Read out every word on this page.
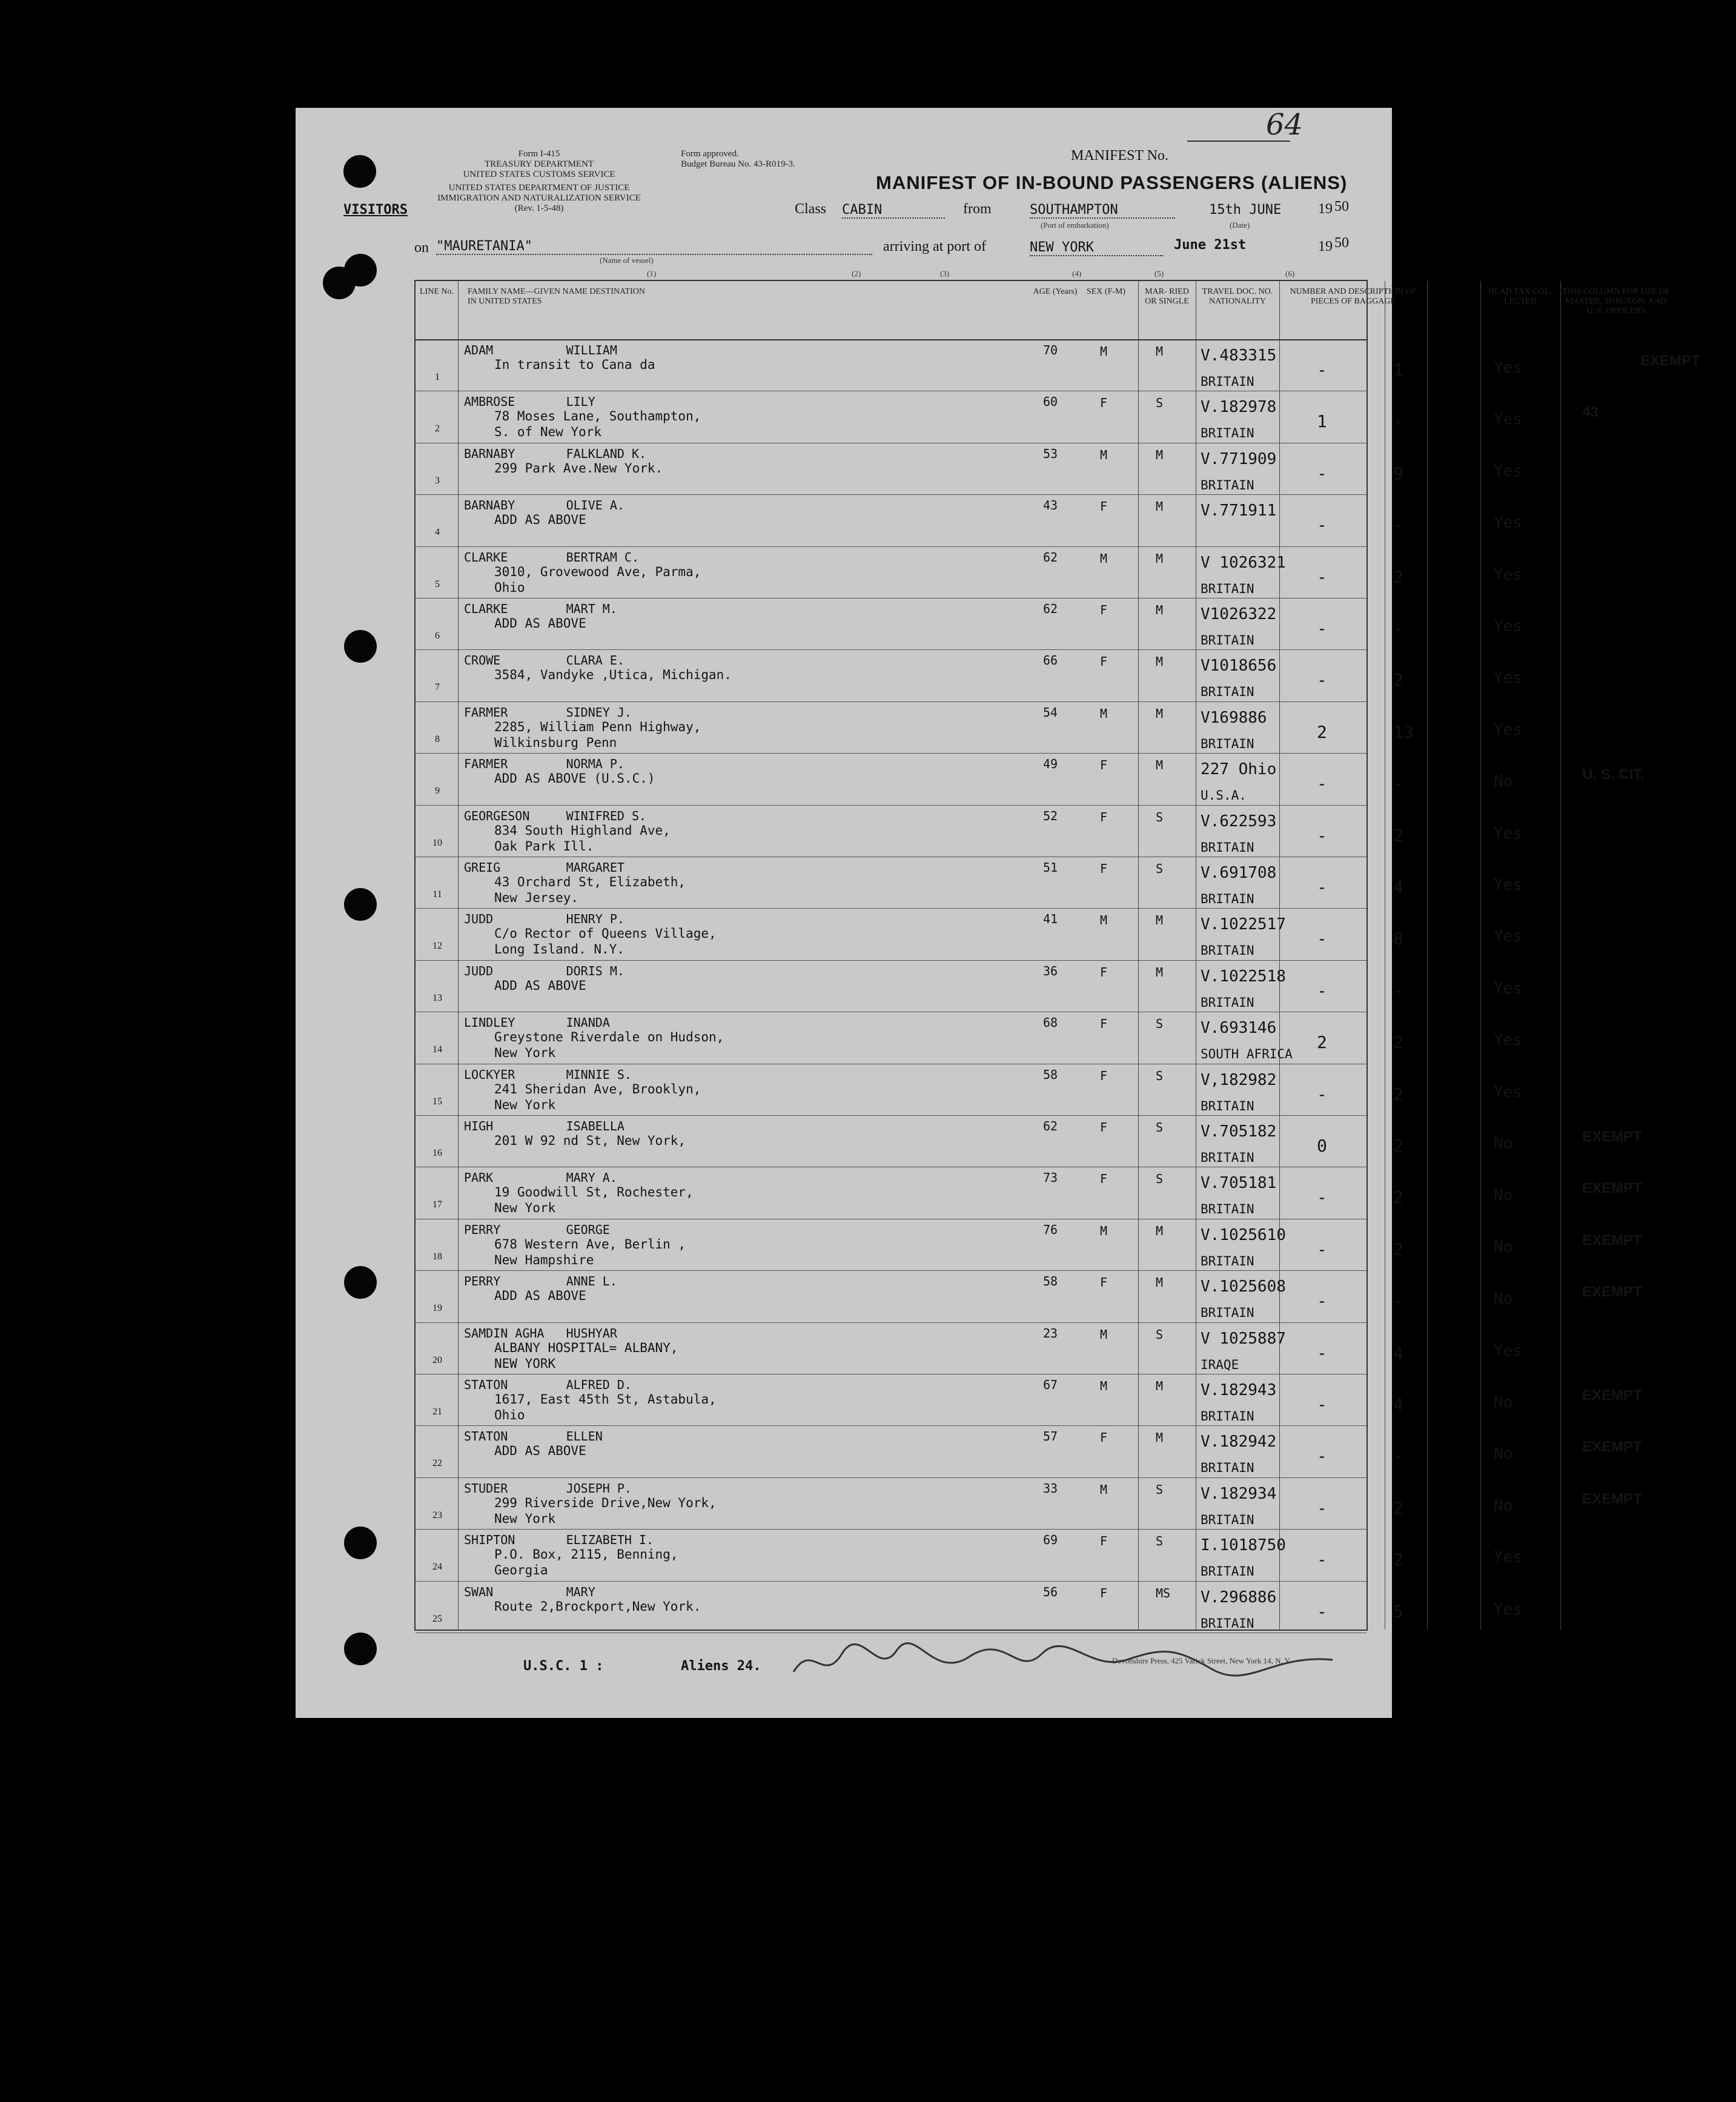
Form I-415
TREASURY DEPARTMENT
UNITED STATES CUSTOMS SERVICE
UNITED STATES DEPARTMENT OF JUSTICE
IMMIGRATION AND NATURALIZATION SERVICE
(Rev. 1-5-48)
Form approved.
Budget Bureau No. 43-R019-3.
MANIFEST No.
64
MANIFEST OF IN-BOUND PASSENGERS (ALIENS)
VISITORS	Class CABIN	from	SOUTHAMPTON
(Port of embarkation)
15th JUNE	19 50
(Date)
on "MAURETANIA"
(Name of vessel)
arriving at port of	NEW YORK	June 21st	19 50
(1)	(2)	(3)	(4)	(5)	(6)
LINE No.	FAMILY NAME—GIVEN NAME DESTINATION IN UNITED STATES
AGE (Years)	SEX (F-M)	MAR- RIED OR SINGLE
TRAVEL DOC. NO. NATIONALITY
NUMBER AND DESCRIPTION OF PIECES OF BAGGAGE
HEAD TAX COL- LECTED
THIS COLUMN FOR USE OF MASTER, SURGEON, AND U. S. OFFICERS
1
ADAM          WILLIAM
In transit to Cana da
70	M	M V.483315
BRITAIN
-	1	Yes	EXEMPT
2
AMBROSE       LILY
78 Moses Lane, Southampton,
S. of New York
60	F	S V.182978
BRITAIN
1	-	Yes	43
3
BARNABY       FALKLAND K.
299 Park Ave.New York.
53	M	M V.771909
BRITAIN
-	9	Yes
4
BARNABY       OLIVE A.
ADD AS ABOVE
43	F	M V.771911
-	-	Yes
5
CLARKE        BERTRAM C.
3010, Grovewood Ave, Parma,
Ohio
62	M	M V 1026321
BRITAIN
-	2	Yes
6
CLARKE        MART M.
ADD AS ABOVE
62	F	M V1026322
BRITAIN
-	-	Yes
7
CROWE         CLARA E.
3584, Vandyke ,Utica, Michigan.
66	F	M V1018656
BRITAIN
-	2	Yes
8
FARMER        SIDNEY J.
2285, William Penn Highway,
Wilkinsburg Penn
54	M	M V169886
BRITAIN
2	13	Yes
9
FARMER        NORMA P.
ADD AS ABOVE (U.S.C.)
49	F	M 227 Ohio
U.S.A.
-	-	No	U. S. CIT.
10
GEORGESON     WINIFRED S.
834 South Highland Ave,
Oak Park Ill.
52	F	S V.622593
BRITAIN
-	2	Yes
11
GREIG         MARGARET
43 Orchard St, Elizabeth,
New Jersey.
51	F	S V.691708
BRITAIN
-	4	Yes
12
JUDD          HENRY P.
C/o Rector of Queens Village,
Long Island. N.Y.
41	M	M V.1022517
BRITAIN
-	8	Yes
13
JUDD          DORIS M.
ADD AS ABOVE
36	F	M V.1022518
BRITAIN
-	-	Yes
14
LINDLEY       INANDA
Greystone Riverdale on Hudson,
New York
68	F	S V.693146
SOUTH AFRICA
2	2	Yes
15
LOCKYER       MINNIE S.
241 Sheridan Ave, Brooklyn,
New York
58	F	S V,182982
BRITAIN
-	2	Yes
16
HIGH          ISABELLA
201 W 92 nd St, New York,
62	F	S V.705182
BRITAIN
0	2	No	EXEMPT
17
PARK          MARY A.
19 Goodwill St, Rochester,
New York
73	F	S V.705181
BRITAIN
-	2	No	EXEMPT
18
PERRY         GEORGE
678 Western Ave, Berlin ,
New Hampshire
76	M	M V.1025610
BRITAIN
-	2	No	EXEMPT
19
PERRY         ANNE L.
ADD AS ABOVE
58	F	M V.1025608
BRITAIN
-	-	No	EXEMPT
20
SAMDIN AGHA   HUSHYAR
ALBANY HOSPITAL= ALBANY,
NEW YORK
23	M	S V 1025887
IRAQE
-	4	Yes
21
STATON        ALFRED D.
1617, East 45th St, Astabula,
Ohio
67	M	M V.182943
BRITAIN
-	4	No	EXEMPT
22
STATON        ELLEN
ADD AS ABOVE
57	F	M V.182942
BRITAIN
-	-	No	EXEMPT
23
STUDER        JOSEPH P.
299 Riverside Drive,New York,
New York
33	M	S V.182934
BRITAIN
-	2	No	EXEMPT
24
SHIPTON       ELIZABETH I.
P.O. Box, 2115, Benning,
Georgia
69	F	S I.1018750
BRITAIN
-	2	Yes
25
SWAN          MARY
Route 2,Brockport,New York.
56	F	MS V.296886
BRITAIN
-	5	Yes
U.S.C. 1 :	Aliens 24.	Devonshire Press, 425 Varick Street, New York 14, N. Y.
